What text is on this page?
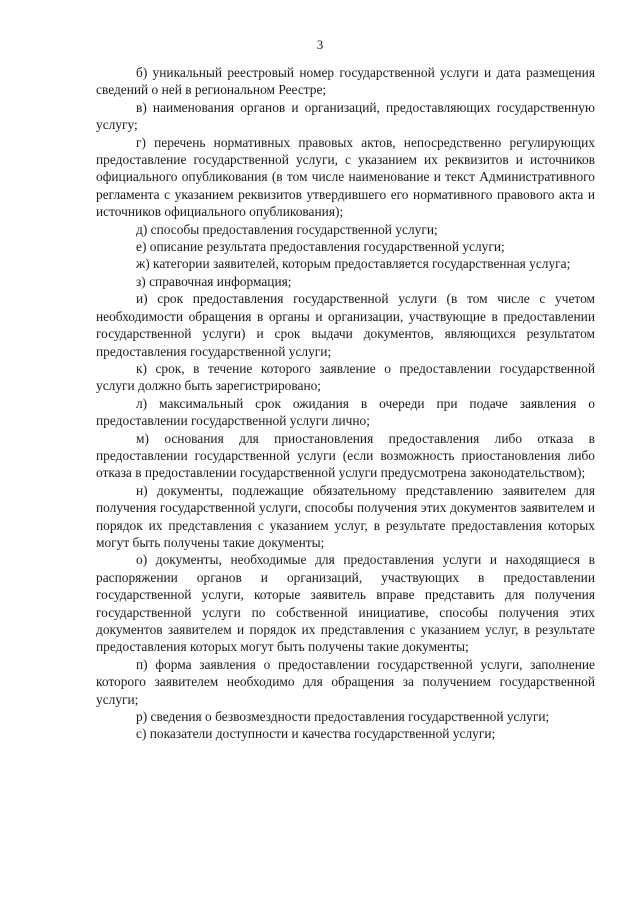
3

б) уникальный реестровый номер государственной услуги и дата размещения сведений о ней в региональном Реестре;

в) наименования органов и организаций, предоставляющих государственную услугу;

г) перечень нормативных правовых актов, непосредственно регулирующих предоставление государственной услуги, с указанием их реквизитов и источников официального опубликования (в том числе наименование и текст Административного регламента с указанием реквизитов утвердившего его нормативного правового акта и источников официального опубликования);

д) способы предоставления государственной услуги;

е) описание результата предоставления государственной услуги;

ж) категории заявителей, которым предоставляется государственная услуга;

з) справочная информация;

и) срок предоставления государственной услуги (в том числе с учетом необходимости обращения в органы и организации, участвующие в предоставлении государственной услуги) и срок выдачи документов, являющихся результатом предоставления государственной услуги;

к) срок, в течение которого заявление о предоставлении государственной услуги должно быть зарегистрировано;

л) максимальный срок ожидания в очереди при подаче заявления о предоставлении государственной услуги лично;

м) основания для приостановления предоставления либо отказа в предоставлении государственной услуги (если возможность приостановления либо отказа в предоставлении государственной услуги предусмотрена законодательством);

н) документы, подлежащие обязательному представлению заявителем для получения государственной услуги, способы получения этих документов заявителем и порядок их представления с указанием услуг, в результате предоставления которых могут быть получены такие документы;

о) документы, необходимые для предоставления услуги и находящиеся в распоряжении органов и организаций, участвующих в предоставлении государственной услуги, которые заявитель вправе представить для получения государственной услуги по собственной инициативе, способы получения этих документов заявителем и порядок их представления с указанием услуг, в результате предоставления которых могут быть получены такие документы;

п) форма заявления о предоставлении государственной услуги, заполнение которого заявителем необходимо для обращения за получением государственной услуги;

р) сведения о безвозмездности предоставления государственной услуги;

с) показатели доступности и качества государственной услуги;
